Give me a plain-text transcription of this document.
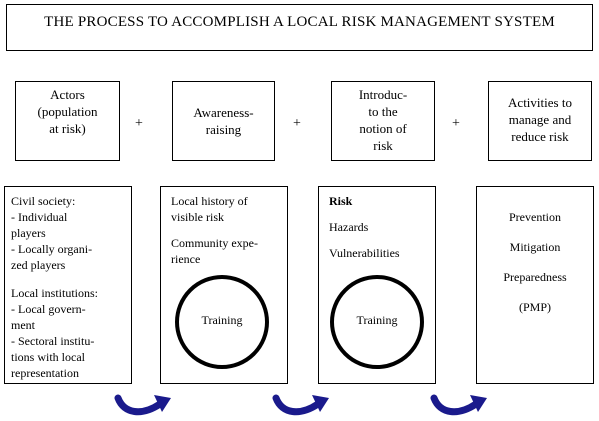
THE PROCESS TO ACCOMPLISH A LOCAL RISK MANAGEMENT SYSTEM
Actors
(population
at risk)	+
Awareness-
raising	+
Introduc-
to the
notion of
risk
+
Activities to
manage and
reduce risk
Civil society:
- Individual
players
- Locally organi-
zed players
Local institutions:
- Local govern-
ment
- Sectoral institu-
tions with local
representation
Local history of
visible risk
Community expe-
rience
Training
Risk
Hazards
Vulnerabilities
Training
Prevention
Mitigation
Preparedness
(PMP)
